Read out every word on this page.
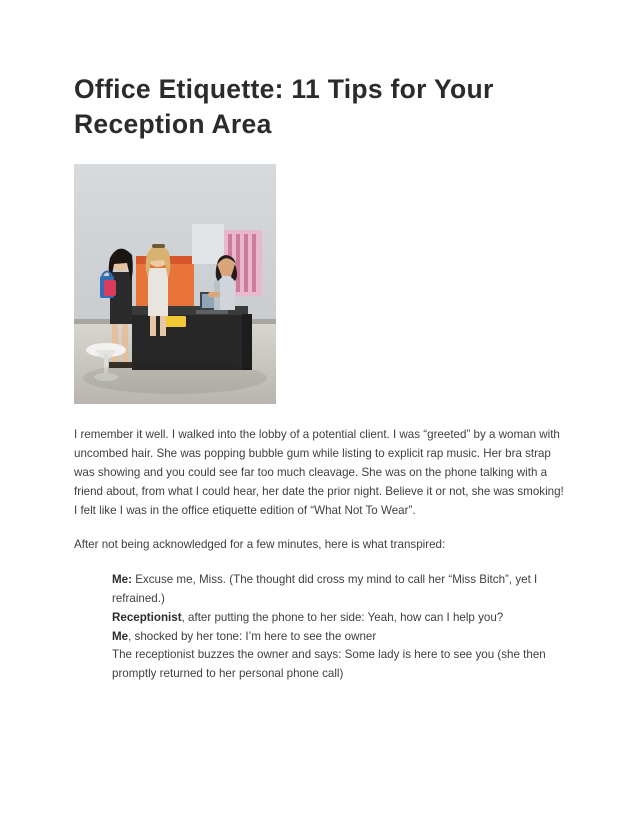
Office Etiquette: 11 Tips for Your Reception Area

I remember it well. I walked into the lobby of a potential client. I was “greeted” by a woman with uncombed hair. She was popping bubble gum while listing to explicit rap music. Her bra strap was showing and you could see far too much cleavage. She was on the phone talking with a friend about, from what I could hear, her date the prior night. Believe it or not, she was smoking! I felt like I was in the office etiquette edition of “What Not To Wear”.

After not being acknowledged for a few minutes, here is what transpired:

Me: Excuse me, Miss. (The thought did cross my mind to call her “Miss Bitch”, yet I refrained.)
Receptionist, after putting the phone to her side: Yeah, how can I help you?
Me, shocked by her tone: I’m here to see the owner
The receptionist buzzes the owner and says: Some lady is here to see you (she then promptly returned to her personal phone call)
